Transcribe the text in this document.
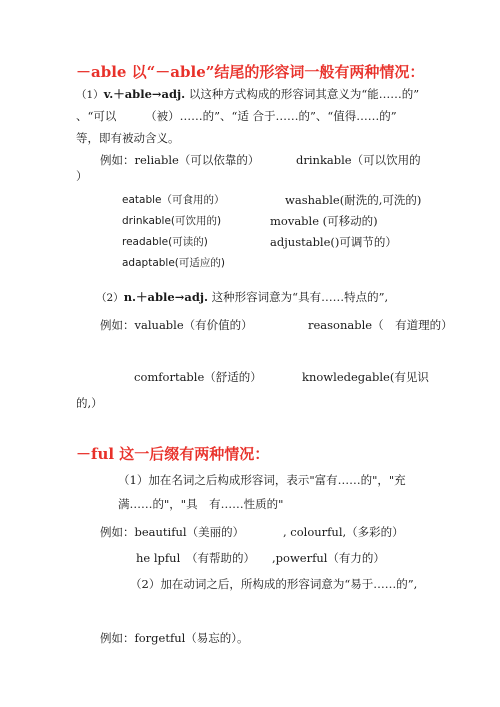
－able 以“－able”结尾的形容词一般有两种情况：
（1）v.＋able→adj. 以这种方式构成的形容词其意义为“能……的”
、“可以　　　（被）……的”、“适 合于……的”、“值得……的”
等，即有被动含义。
例如：reliable（可以依靠的）	drinkable（可以饮用的
）
eatable（可食用的）	washable(耐洗的,可洗的)
drinkable(可饮用的)	movable (可移动的)
readable(可读的)	adjustable()可调节的）
adaptable(可适应的)
（2）n.＋able→adj. 这种形容词意为“具有……特点的”,
例如：valuable（有价值的）	reasonable（　有道理的）
comfortable（舒适的）	knowledegable(有见识
的,）
－ful 这一后缀有两种情况：
（1）加在名词之后构成形容词，表示"富有……的"，"充
满……的"，"具　有……性质的"
例如：beautiful（美丽的）	, colourful,（多彩的）
he lpful　（有帮助的） ,powerful（有力的）
（2）加在动词之后，所构成的形容词意为“易于……的”,
例如：forgetful（易忘的）。
